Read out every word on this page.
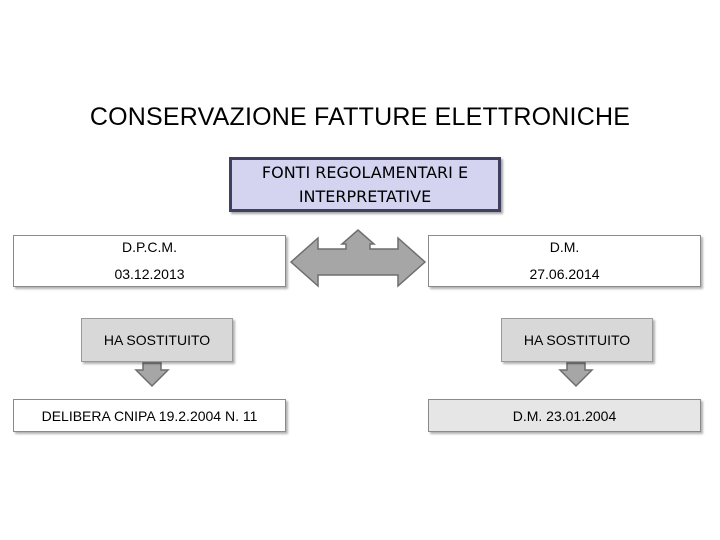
CONSERVAZIONE FATTURE ELETTRONICHE
FONTI REGOLAMENTARI E
INTERPRETATIVE
D.P.C.M.
03.12.2013
D.M.
27.06.2014
HA SOSTITUITO	HA SOSTITUITO
DELIBERA CNIPA 19.2.2004 N. 11	D.M. 23.01.2004
